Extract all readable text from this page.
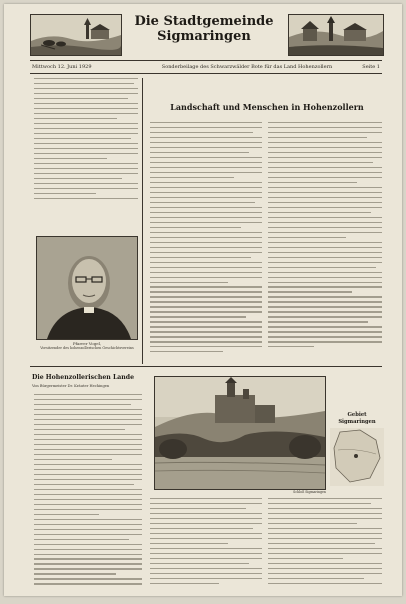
Die Stadtgemeinde
Sigmaringen
Mittwoch 12. Juni 1929	Sonderbeilage des Schwarzwälder Bote für das Land Hohenzollern	Seite 1
Pfarrer Vogel,
Vorsitzender des hohenzollerischen Geschichtsvereins
Landschaft und Menschen in Hohenzollern
Die Hohenzollerischen Lande
Von Bürgermeister Dr. Kräuter Hechingen
Schloß Sigmaringen
Gebiet
Sigmaringen
